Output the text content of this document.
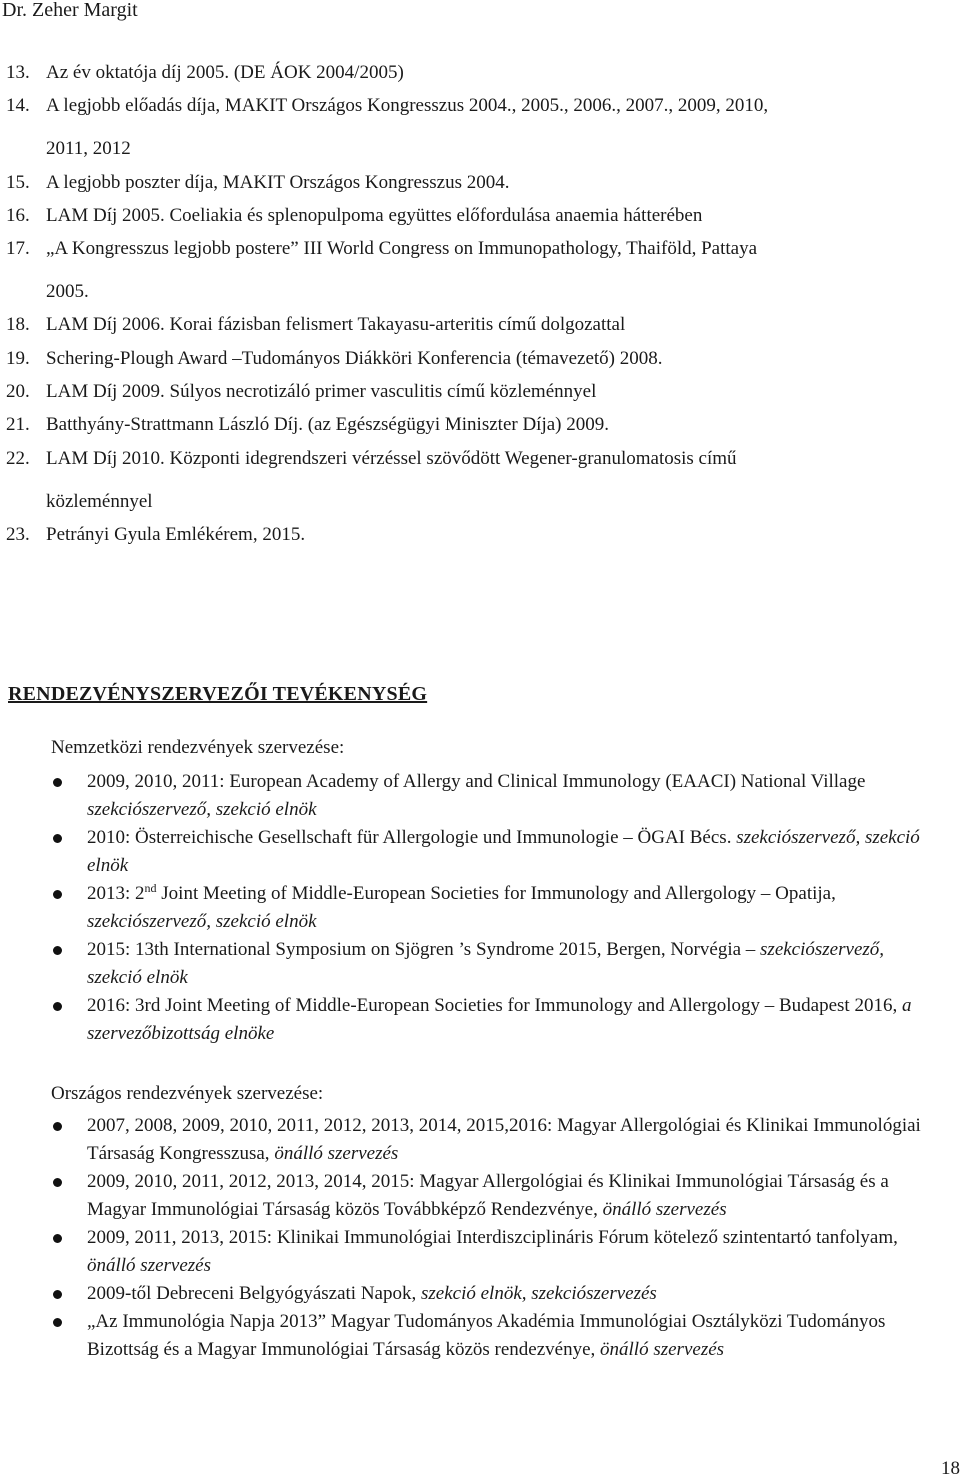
Dr. Zeher Margit
13. Az év oktatója díj 2005. (DE ÁOK 2004/2005)
14. A legjobb előadás díja, MAKIT Országos Kongresszus 2004., 2005., 2006., 2007., 2009, 2010,
2011, 2012
15. A legjobb poszter díja, MAKIT Országos Kongresszus 2004.
16. LAM Díj 2005. Coeliakia és splenopulpoma együttes előfordulása anaemia hátterében
17. „A Kongresszus legjobb postere” III World Congress on Immunopathology, Thaiföld, Pattaya
2005.
18. LAM Díj 2006. Korai fázisban felismert Takayasu-arteritis című dolgozattal
19. Schering-Plough Award –Tudományos Diákköri Konferencia (témavezető) 2008.
20. LAM Díj 2009. Súlyos necrotizáló primer vasculitis című közleménnyel
21. Batthyány-Strattmann László Díj. (az Egészségügyi Miniszter Díja) 2009.
22. LAM Díj 2010. Központi idegrendszeri vérzéssel szövődött Wegener-granulomatosis című
közleménnyel
23. Petrányi Gyula Emlékérem, 2015.
RENDEZVÉNYSZERVEZŐI TEVÉKENYSÉG
Nemzetközi rendezvények szervezése:
2009, 2010, 2011: European Academy of Allergy and Clinical Immunology (EAACI) National Village szekciószervező, szekció elnök
2010: Österreichische Gesellschaft für Allergologie und Immunologie – ÖGAI Bécs. szekciószervező, szekció elnök
2013: 2nd Joint Meeting of Middle-European Societies for Immunology and Allergology – Opatija, szekciószervező, szekció elnök
2015: 13th International Symposium on Sjögren ’s Syndrome 2015, Bergen, Norvégia – szekciószervező, szekció elnök
2016: 3rd Joint Meeting of Middle-European Societies for Immunology and Allergology – Budapest 2016, a szervezőbizottság elnöke
Országos rendezvények szervezése:
2007, 2008, 2009, 2010, 2011, 2012, 2013, 2014, 2015,2016: Magyar Allergológiai és Klinikai Immunológiai Társaság Kongresszusa, önálló szervezés
2009, 2010, 2011, 2012, 2013, 2014, 2015: Magyar Allergológiai és Klinikai Immunológiai Társaság és a Magyar Immunológiai Társaság közös Továbbképző Rendezvénye, önálló szervezés
2009, 2011, 2013, 2015: Klinikai Immunológiai Interdiszciplináris Fórum kötelező szintentartó tanfolyam, önálló szervezés
2009-től Debreceni Belgyógyászati Napok, szekció elnök, szekciószervezés
„Az Immunológia Napja 2013” Magyar Tudományos Akadémia Immunológiai Osztályközi Tudományos Bizottság és a Magyar Immunológiai Társaság közös rendezvénye, önálló szervezés
18
